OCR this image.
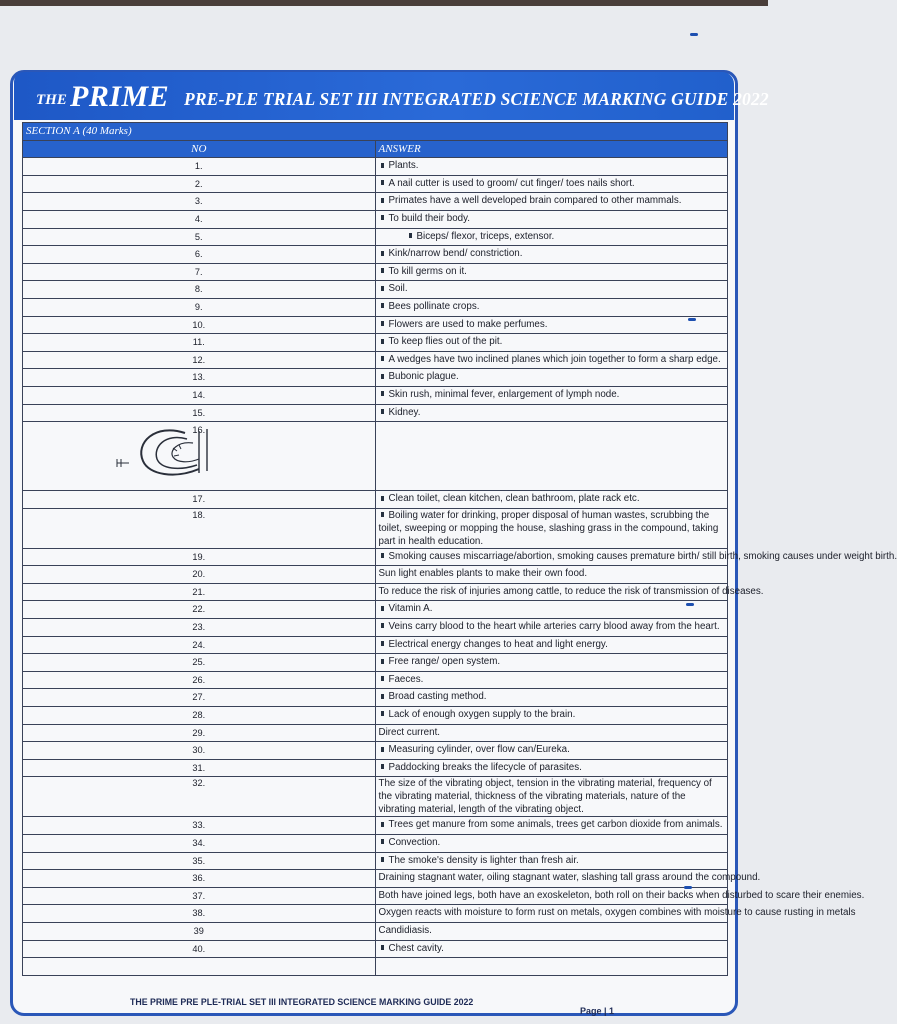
THE PRIME PRE-PLE TRIAL SET III INTEGRATED SCIENCE MARKING GUIDE 2022
SECTION A (40 Marks)	
NO	ANSWER
1.	Plants.
2.	A nail cutter is used to groom/ cut finger/ toes nails short.
3.	Primates have a well developed brain compared to other mammals.
4.	To build their body.
5.	Biceps/ flexor, triceps, extensor.
6.	Kink/narrow bend/ constriction.
7.	To kill germs on it.
8.	Soil.
9.	Bees pollinate crops.
10.	Flowers are used to make perfumes.
11.	To keep flies out of the pit.
12.	A wedges have two inclined planes which join together to form a sharp edge.
13.	Bubonic plague.
14.	Skin rush, minimal fever, enlargement of lymph node.
15.	Kidney.
16.	
17.	Clean toilet, clean kitchen, clean bathroom, plate rack etc.
18.	Boiling water for drinking, proper disposal of human wastes, scrubbing the toilet, sweeping or mopping the house, slashing grass in the compound, taking part in health education.
19.	Smoking causes miscarriage/abortion, smoking causes premature birth/ still birth, smoking causes under weight birth.
20.	Sun light enables plants to make their own food.
21.	To reduce the risk of injuries among cattle, to reduce the risk of transmission of diseases.
22.	Vitamin A.
23.	Veins carry blood to the heart while arteries carry blood away from the heart.
24.	Electrical energy changes to heat and light energy.
25.	Free range/ open system.
26.	Faeces.
27.	Broad casting method.
28.	Lack of enough oxygen supply to the brain.
29.	Direct current.
30.	Measuring cylinder, over flow can/Eureka.
31.	Paddocking breaks the lifecycle of parasites.
32.	The size of the vibrating object, tension in the vibrating material, frequency of the vibrating material, thickness of the vibrating materials, nature of the vibrating material, length of the vibrating object.
33.	Trees get manure from some animals, trees get carbon dioxide from animals.
34.	Convection.
35.	The smoke's density is lighter than fresh air.
36.	Draining stagnant water, oiling stagnant water, slashing tall grass around the compound.
37.	Both have joined legs, both have an exoskeleton, both roll on their backs when disturbed to scare their enemies.
38.	Oxygen reacts with moisture to form rust on metals, oxygen combines with moisture to cause rusting in metals
39	Candidiasis.
40.	Chest cavity.

THE PRIME PRE PLE-TRIAL SET III INTEGRATED SCIENCE MARKING GUIDE 2022
Page | 1
